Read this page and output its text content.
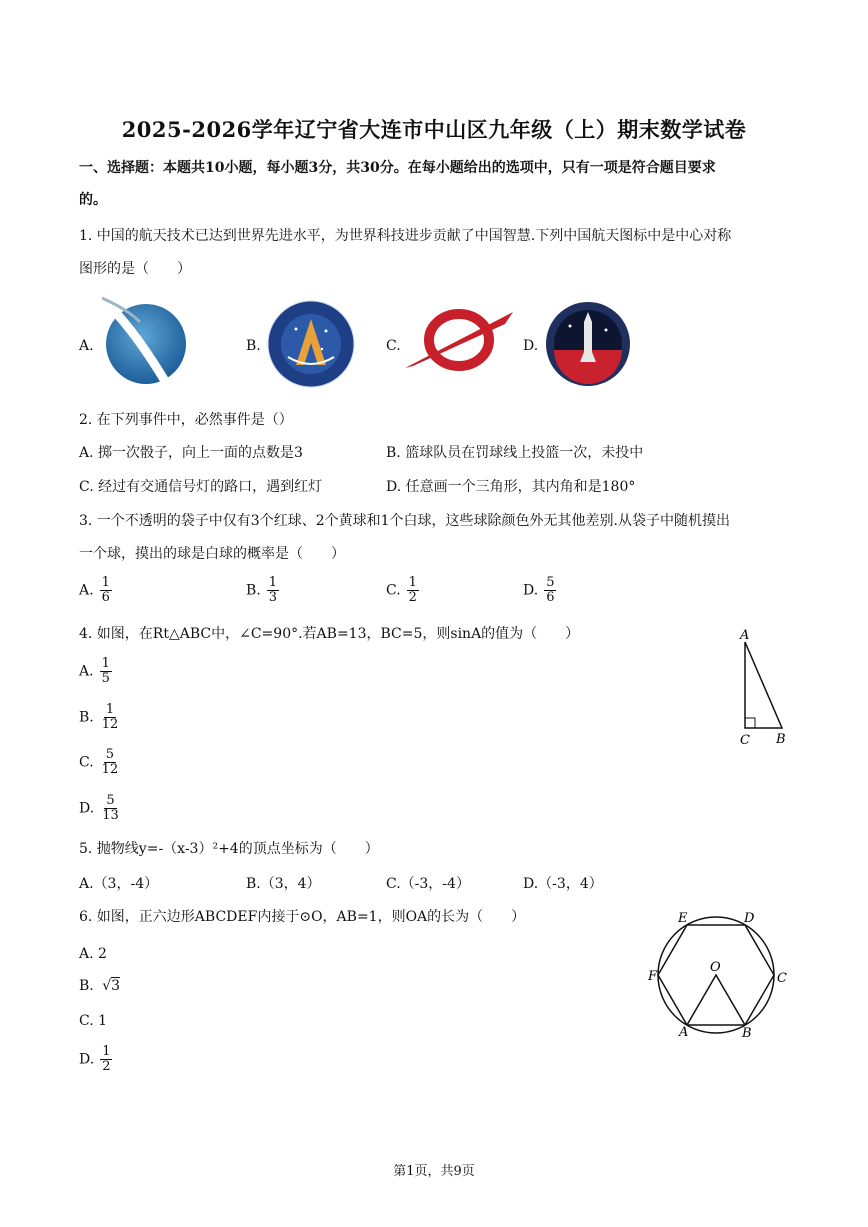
2025-2026学年辽宁省大连市中山区九年级（上）期末数学试卷
一、选择题：本题共10小题，每小题3分，共30分。在每小题给出的选项中，只有一项是符合题目要求
的。
1. 中国的航天技术已达到世界先进水平，为世界科技进步贡献了中国智慧.下列中国航天图标中是中心对称
图形的是（　　）
A.	B.	C.	D.
2. 在下列事件中，必然事件是（）
A. 掷一次骰子，向上一面的点数是3	B. 篮球队员在罚球线上投篮一次，未投中
C. 经过有交通信号灯的路口，遇到红灯	D. 任意画一个三角形，其内角和是180°
3. 一个不透明的袋子中仅有3个红球、2个黄球和1个白球，这些球除颜色外无其他差别.从袋子中随机摸出
一个球，摸出的球是白球的概率是（　　）
A. $\frac{1}{6}$	B. $\frac{1}{3}$	C. $\frac{1}{2}$	D. $\frac{5}{6}$
4. 如图，在Rt△ABC中，∠C=90°.若AB=13，BC=5，则sinA的值为（　　）
A. $\frac{1}{5}$
B. $\frac{1}{12}$
C. $\frac{5}{12}$
D. $\frac{5}{13}$
A
C B
5. 抛物线y=-（x-3）²+4的顶点坐标为（　　）
A.（3，-4）	B.（3，4）	C.（-3，-4）	D.（-3，4）
6. 如图，正六边形ABCDEF内接于⊙O，AB=1，则OA的长为（　　）
A. 2
B. √3
C. 1
D. $\frac{1}{2}$
A	B
C
D
E
F
O
第1页，共9页
